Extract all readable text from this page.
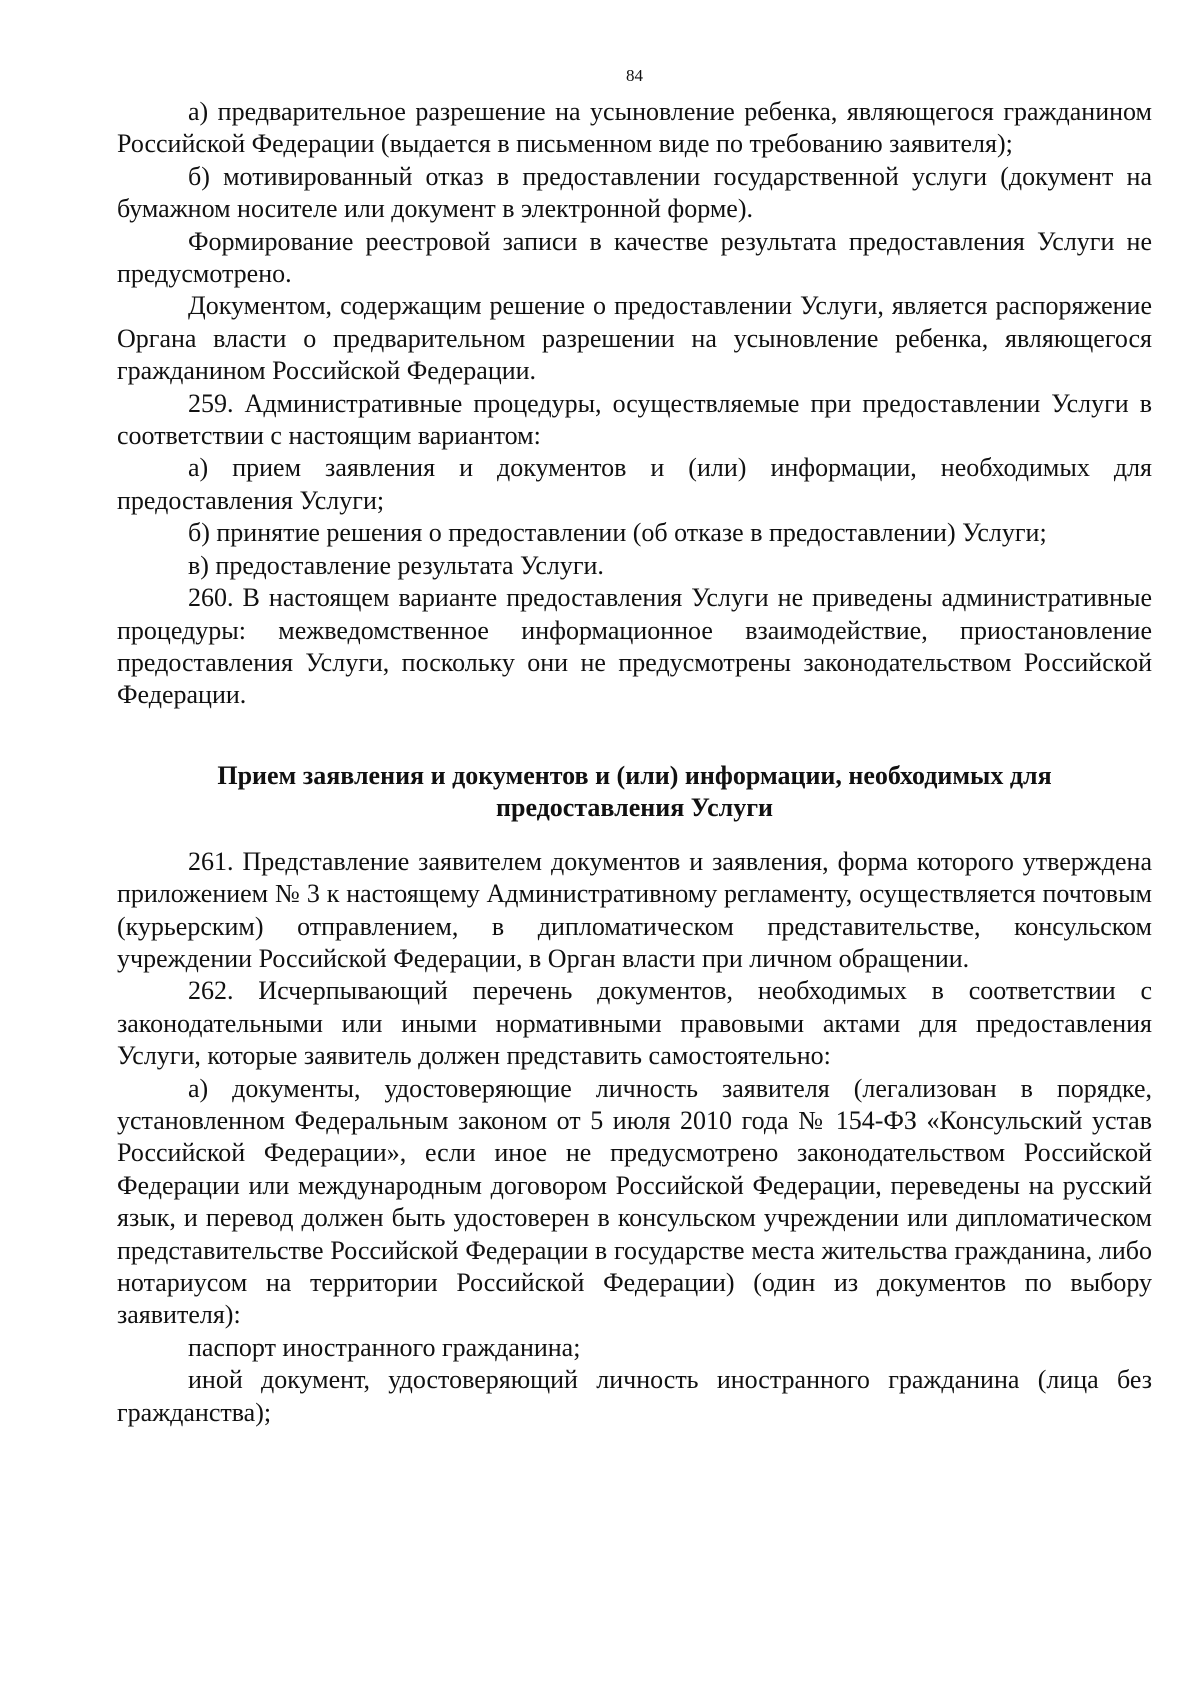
84

а) предварительное разрешение на усыновление ребенка, являющегося гражданином Российской Федерации (выдается в письменном виде по требованию заявителя);

б) мотивированный отказ в предоставлении государственной услуги (документ на бумажном носителе или документ в электронной форме).

Формирование реестровой записи в качестве результата предоставления Услуги не предусмотрено.

Документом, содержащим решение о предоставлении Услуги, является распоряжение Органа власти о предварительном разрешении на усыновление ребенка, являющегося гражданином Российской Федерации.

259. Административные процедуры, осуществляемые при предоставлении Услуги в соответствии с настоящим вариантом:

а) прием заявления и документов и (или) информации, необходимых для предоставления Услуги;

б) принятие решения о предоставлении (об отказе в предоставлении) Услуги;

в) предоставление результата Услуги.

260. В настоящем варианте предоставления Услуги не приведены административные процедуры: межведомственное информационное взаимодействие, приостановление предоставления Услуги, поскольку они не предусмотрены законодательством Российской Федерации.

Прием заявления и документов и (или) информации, необходимых для
предоставления Услуги

261. Представление заявителем документов и заявления, форма которого утверждена приложением № 3 к настоящему Административному регламенту, осуществляется почтовым (курьерским) отправлением, в дипломатическом представительстве, консульском учреждении Российской Федерации, в Орган власти при личном обращении.

262. Исчерпывающий перечень документов, необходимых в соответствии с законодательными или иными нормативными правовыми актами для предоставления Услуги, которые заявитель должен представить самостоятельно:

а) документы, удостоверяющие личность заявителя (легализован в порядке, установленном Федеральным законом от 5 июля 2010 года № 154-ФЗ «Консульский устав Российской Федерации», если иное не предусмотрено законодательством Российской Федерации или международным договором Российской Федерации, переведены на русский язык, и перевод должен быть удостоверен в консульском учреждении или дипломатическом представительстве Российской Федерации в государстве места жительства гражданина, либо нотариусом на территории Российской Федерации) (один из документов по выбору заявителя):

паспорт иностранного гражданина;

иной документ, удостоверяющий личность иностранного гражданина (лица без гражданства);
